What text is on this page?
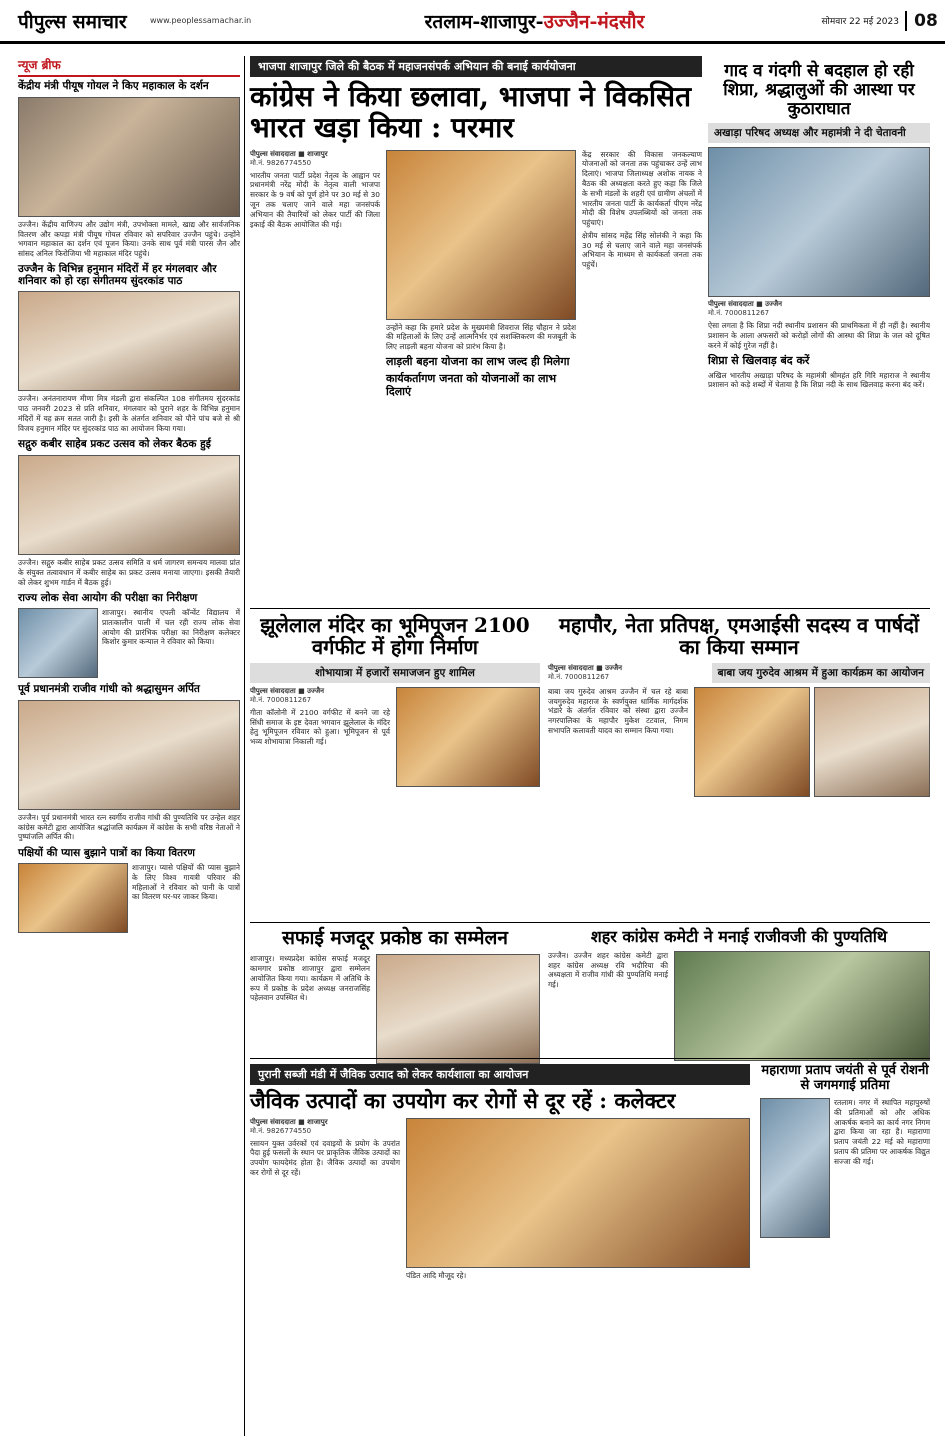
पीपुल्स समाचार	www.peoplessamachar.in	रतलाम-शाजापुर-उज्जैन-मंदसौर	सोमवार 22 मई 2023 08
न्यूज ब्रीफ
केंद्रीय मंत्री पीयूष गोयल ने किए महाकाल के दर्शन
उज्जैन। केंद्रीय वाणिज्य और उद्योग मंत्री, उपभोक्ता मामले, खाद्य और सार्वजनिक वितरण और कपड़ा मंत्री पीयूष गोयल रविवार को सपरिवार उज्जैन पहुंचे। उन्होंने भगवान महाकाल का दर्शन एवं पूजन किया। उनके साथ पूर्व मंत्री पारस जैन और सांसद अनिल फिरोजिया भी महाकाल मंदिर पहुंचे।
उज्जैन के विभिन्न हनुमान मंदिरों में हर मंगलवार और शनिवार को हो रहा संगीतमय सुंदरकांड पाठ
उज्जैन। अनंतनारायण मीणा मित्र मंडली द्वारा संकल्पित 108 संगीतमय सुंदरकांड पाठ जनवरी 2023 से प्रति शनिवार, मंगलवार को पुराने शहर के विभिन्न हनुमान मंदिरों में यह क्रम सतत जारी है। इसी के अंतर्गत शनिवार को पौने पांच बजे से श्री विजय हनुमान मंदिर पर सुंदरकांड पाठ का आयोजन किया गया।
सद्गुरु कबीर साहेब प्रकट उत्सव को लेकर बैठक हुई
उज्जैन। सद्गुरु कबीर साहेब प्रकट उत्सव समिति व धर्म जागरण समन्वय मालवा प्रांत के संयुक्त तत्वावधान में कबीर साहेब का प्रकट उत्सव मनाया जाएगा। इसकी तैयारी को लेकर शुभम गार्डन में बैठक हुई।
राज्य लोक सेवा आयोग की परीक्षा का निरीक्षण
शाजापुर। स्थानीय एपली कॉन्वेंट विद्यालय में प्रातःकालीन पाली में चल रही राज्य लोक सेवा आयोग की प्रारंभिक परीक्षा का निरीक्षण कलेक्टर किशोर कुमार कन्याल ने रविवार को किया।
पूर्व प्रधानमंत्री राजीव गांधी को श्रद्धासुमन अर्पित
उज्जैन। पूर्व प्रधानमंत्री भारत रत्न स्वर्गीय राजीव गांधी की पुण्यतिथि पर उन्हेल शहर कांग्रेस कमेटी द्वारा आयोजित श्रद्धांजलि कार्यक्रम में कांग्रेस के सभी वरिष्ठ नेताओं ने पुष्पांजलि अर्पित की।
पक्षियों की प्यास बुझाने पात्रों का किया वितरण
शाजापुर। प्यासे पक्षियों की प्यास बुझाने के लिए विश्व गायत्री परिवार की महिलाओं ने रविवार को पानी के पात्रों का वितरण घर-घर जाकर किया।
भाजपा शाजापुर जिले की बैठक में महाजनसंपर्क अभियान की बनाई कार्ययोजना
कांग्रेस ने किया छलावा, भाजपा ने विकसित भारत खड़ा किया : परमार
पीपुल्स संवाददाता ■ शाजापुर
मो.नं. 9826774550
भारतीय जनता पार्टी प्रदेश नेतृत्व के आह्वान पर प्रधानमंत्री नरेंद्र मोदी के नेतृत्व वाली भाजपा सरकार के 9 वर्ष को पूर्ण होने पर 30 मई से 30 जून तक चलाए जाने वाले महा जनसंपर्क अभियान की तैयारियों को लेकर पार्टी की जिला इकाई की बैठक आयोजित की गई।
उन्होंने कहा कि हमारे प्रदेश के मुख्यमंत्री शिवराज सिंह चौहान ने प्रदेश की महिलाओं के लिए उन्हें आत्मनिर्भर एवं सशक्तिकरण की मजबूती के लिए लाड़ली बहना योजना को प्रारंभ किया है।
लाड़ली बहना योजना का लाभ जल्द ही मिलेगा
कार्यकर्तागण जनता को योजनाओं का लाभ दिलाएं
केंद्र सरकार की विकास जनकल्याण योजनाओं को जनता तक पहुंचाकर उन्हें लाभ दिलाएं। भाजपा जिलाध्यक्ष अशोक नायक ने बैठक की अध्यक्षता करते हुए कहा कि जिले के सभी मंडलों के शहरी एवं ग्रामीण अंचलों में भारतीय जनता पार्टी के कार्यकर्ता पीएम नरेंद्र मोदी की विशेष उपलब्धियों को जनता तक पहुंचाएं।
क्षेत्रीय सांसद महेंद्र सिंह सोलंकी ने कहा कि 30 मई से चलाए जाने वाले महा जनसंपर्क अभियान के माध्यम से कार्यकर्ता जनता तक पहुंचें।
गाद व गंदगी से बदहाल हो रही शिप्रा, श्रद्धालुओं की आस्था पर कुठाराघात
अखाड़ा परिषद अध्यक्ष और महामंत्री ने दी चेतावनी
पीपुल्स संवाददाता ■ उज्जैन
मो.नं. 7000811267
ऐसा लगता है कि शिप्रा नदी स्थानीय प्रशासन की प्राथमिकता में ही नहीं है। स्थानीय प्रशासन के आला अफसरों को करोड़ों लोगों की आस्था की शिप्रा के जल को दूषित करने में कोई गुरेज नहीं है।
शिप्रा से खिलवाड़ बंद करें
अखिल भारतीय अखाड़ा परिषद के महामंत्री श्रीमहंत हरि गिरि महाराज ने स्थानीय प्रशासन को कड़े शब्दों में चेताया है कि शिप्रा नदी के साथ खिलवाड़ करना बंद करें।
झूलेलाल मंदिर का भूमिपूजन 2100 वर्गफीट में होगा निर्माण
शोभायात्रा में हजारों समाजजन हुए शामिल
पीपुल्स संवाददाता ■ उज्जैन
मो.नं. 7000811267
गीता कॉलोनी में 2100 वर्गफीट में बनने जा रहे सिंधी समाज के इष्ट देवता भगवान झूलेलाल के मंदिर हेतु भूमिपूजन रविवार को हुआ। भूमिपूजन से पूर्व भव्य शोभायात्रा निकाली गई।
महापौर, नेता प्रतिपक्ष, एमआईसी सदस्य व पार्षदों का किया सम्मान
पीपुल्स संवाददाता ■ उज्जैन
मो.नं. 7000811267	बाबा जय गुरुदेव आश्रम में हुआ कार्यक्रम का आयोजन
बाबा जय गुरुदेव आश्रम उज्जैन में चल रहे बाबा जयगुरुदेव महाराज के स्वर्णयुक्त धार्मिक मार्गदर्शक भंडारे के अंतर्गत रविवार को संस्था द्वारा उज्जैन नगरपालिका के महापौर मुकेश टटवाल, निगम सभापति कलावती यादव का सम्मान किया गया।
सफाई मजदूर प्रकोष्ठ का सम्मेलन
शाजापुर। मध्यप्रदेश कांग्रेस सफाई मजदूर कामगार प्रकोष्ठ शाजापुर द्वारा सम्मेलन आयोजित किया गया। कार्यक्रम में अतिथि के रूप में प्रकोष्ठ के प्रदेश अध्यक्ष जनराजसिंह पहेलवान उपस्थित थे।
शहर कांग्रेस कमेटी ने मनाई राजीवजी की पुण्यतिथि
उज्जैन। उज्जैन शहर कांग्रेस कमेटी द्वारा शहर कांग्रेस अध्यक्ष रवि भदौरिया की अध्यक्षता में राजीव गांधी की पुण्यतिथि मनाई गई।
पुरानी सब्जी मंडी में जैविक उत्पाद को लेकर कार्यशाला का आयोजन
जैविक उत्पादों का उपयोग कर रोगों से दूर रहें : कलेक्टर
पीपुल्स संवाददाता ■ शाजापुर
मो.नं. 9826774550
रसायन युक्त उर्वरकों एवं दवाइयों के प्रयोग के उपरांत पैदा हुई फसलों के स्थान पर प्राकृतिक जैविक उत्पादों का उपयोग फायदेमंद होता है। जैविक उत्पादों का उपयोग कर रोगों से दूर रहें।
पंडित आदि मौजूद रहे।
महाराणा प्रताप जयंती से पूर्व रोशनी से जगमगाई प्रतिमा
रतलाम। नगर में स्थापित महापुरुषों की प्रतिमाओं को और अधिक आकर्षक बनाने का कार्य नगर निगम द्वारा किया जा रहा है। महाराणा प्रताप जयंती 22 मई को महाराणा प्रताप की प्रतिमा पर आकर्षक विद्युत सज्जा की गई।
